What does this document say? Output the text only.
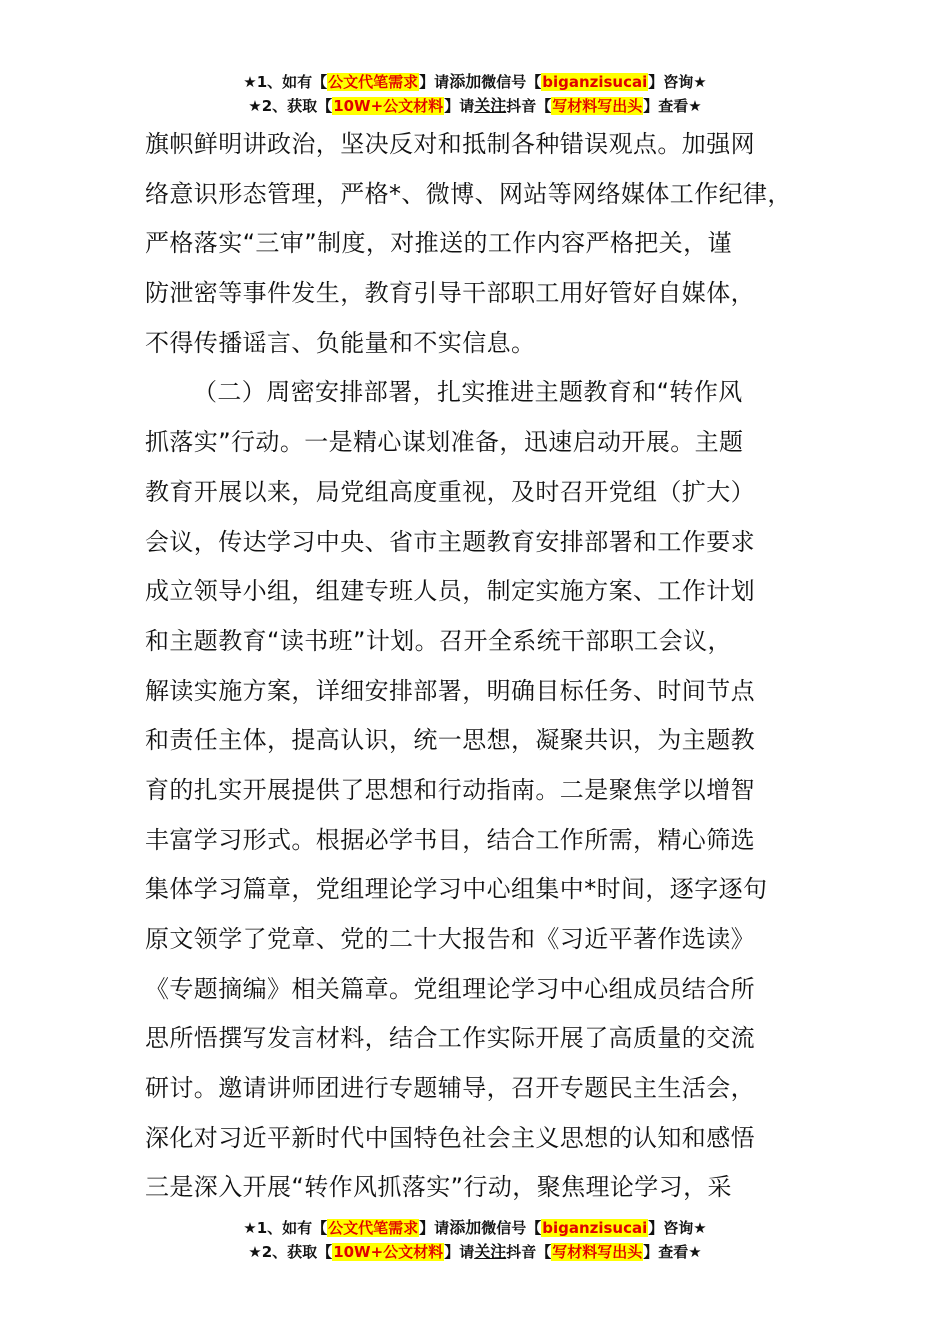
★1、如有【公文代笔需求】请添加微信号【biganzisucai】咨询★
★2、获取【10W+公文材料】请关注抖音【写材料写出头】查看★
旗帜鲜明讲政治，坚决反对和抵制各种错误观点。加强网
络意识形态管理，严格*、微博、网站等网络媒体工作纪律，
严格落实“三审”制度，对推送的工作内容严格把关，谨
防泄密等事件发生，教育引导干部职工用好管好自媒体，
不得传播谣言、负能量和不实信息。
（二）周密安排部署，扎实推进主题教育和“转作风
抓落实”行动。一是精心谋划准备，迅速启动开展。主题
教育开展以来，局党组高度重视，及时召开党组（扩大）
会议，传达学习中央、省市主题教育安排部署和工作要求
成立领导小组，组建专班人员，制定实施方案、工作计划
和主题教育“读书班”计划。召开全系统干部职工会议，
解读实施方案，详细安排部署，明确目标任务、时间节点
和责任主体，提高认识，统一思想，凝聚共识，为主题教
育的扎实开展提供了思想和行动指南。二是聚焦学以增智
丰富学习形式。根据必学书目，结合工作所需，精心筛选
集体学习篇章，党组理论学习中心组集中*时间，逐字逐句
原文领学了党章、党的二十大报告和《习近平著作选读》
《专题摘编》相关篇章。党组理论学习中心组成员结合所
思所悟撰写发言材料，结合工作实际开展了高质量的交流
研讨。邀请讲师团进行专题辅导，召开专题民主生活会，
深化对习近平新时代中国特色社会主义思想的认知和感悟
三是深入开展“转作风抓落实”行动，聚焦理论学习，采
★1、如有【公文代笔需求】请添加微信号【biganzisucai】咨询★
★2、获取【10W+公文材料】请关注抖音【写材料写出头】查看★
